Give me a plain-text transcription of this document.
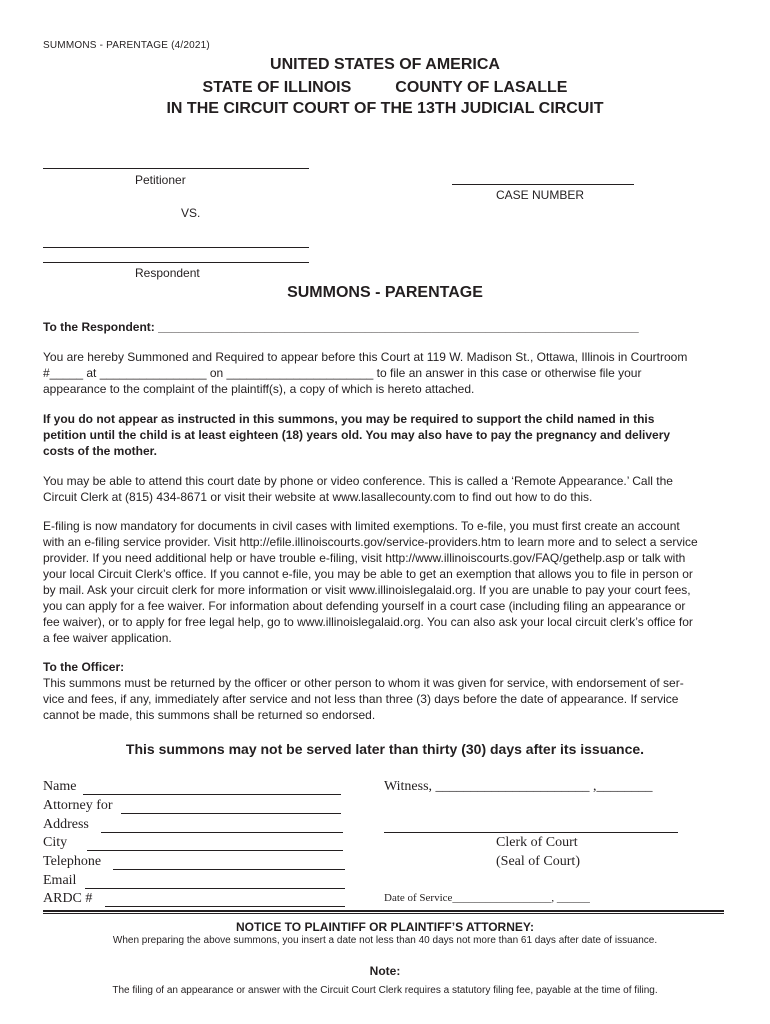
SUMMONS - PARENTAGE (4/2021)
UNITED STATES OF AMERICA
STATE OF ILLINOIS	COUNTY OF LASALLE
IN THE CIRCUIT COURT OF THE 13TH JUDICIAL CIRCUIT
Petitioner
CASE NUMBER
VS.
Respondent
SUMMONS - PARENTAGE
To the Respondent: ________________________________________________________________________
You are hereby Summoned and Required to appear before this Court at 119 W. Madison St., Ottawa, Illinois in Courtroom
#_____ at ________________ on ______________________ to file an answer in this case or otherwise file your
appearance to the complaint of the plaintiff(s), a copy of which is hereto attached.
If you do not appear as instructed in this summons, you may be required to support the child named in this
petition until the child is at least eighteen (18) years old. You may also have to pay the pregnancy and delivery
costs of the mother.
You may be able to attend this court date by phone or video conference. This is called a ‘Remote Appearance.’ Call the
Circuit Clerk at (815) 434-8671 or visit their website at www.lasallecounty.com to find out how to do this.
E-filing is now mandatory for documents in civil cases with limited exemptions. To e-file, you must first create an account
with an e-filing service provider. Visit http://efile.illinoiscourts.gov/service-providers.htm to learn more and to select a service
provider. If you need additional help or have trouble e-filing, visit http://www.illinoiscourts.gov/FAQ/gethelp.asp or talk with
your local Circuit Clerk’s office. If you cannot e-file, you may be able to get an exemption that allows you to file in person or
by mail. Ask your circuit clerk for more information or visit www.illinoislegalaid.org. If you are unable to pay your court fees,
you can apply for a fee waiver. For information about defending yourself in a court case (including filing an appearance or
fee waiver), or to apply for free legal help, go to www.illinoislegalaid.org. You can also ask your local circuit clerk’s office for
a fee waiver application.
To the Officer:
This summons must be returned by the officer or other person to whom it was given for service, with endorsement of ser-
vice and fees, if any, immediately after service and not less than three (3) days before the date of appearance. If service
cannot be made, this summons shall be returned so endorsed.
This summons may not be served later than thirty (30) days after its issuance.
Name
Attorney for
Address
City
Telephone
Email
ARDC #
Witness, ______________________ ,________
Clerk of Court
(Seal of Court)
Date of Service__________________, ______
NOTICE TO PLAINTIFF OR PLAINTIFF’S ATTORNEY:
When preparing the above summons, you insert a date not less than 40 days not more than 61 days after date of issuance.
Note:
The filing of an appearance or answer with the Circuit Court Clerk requires a statutory filing fee, payable at the time of filing.
